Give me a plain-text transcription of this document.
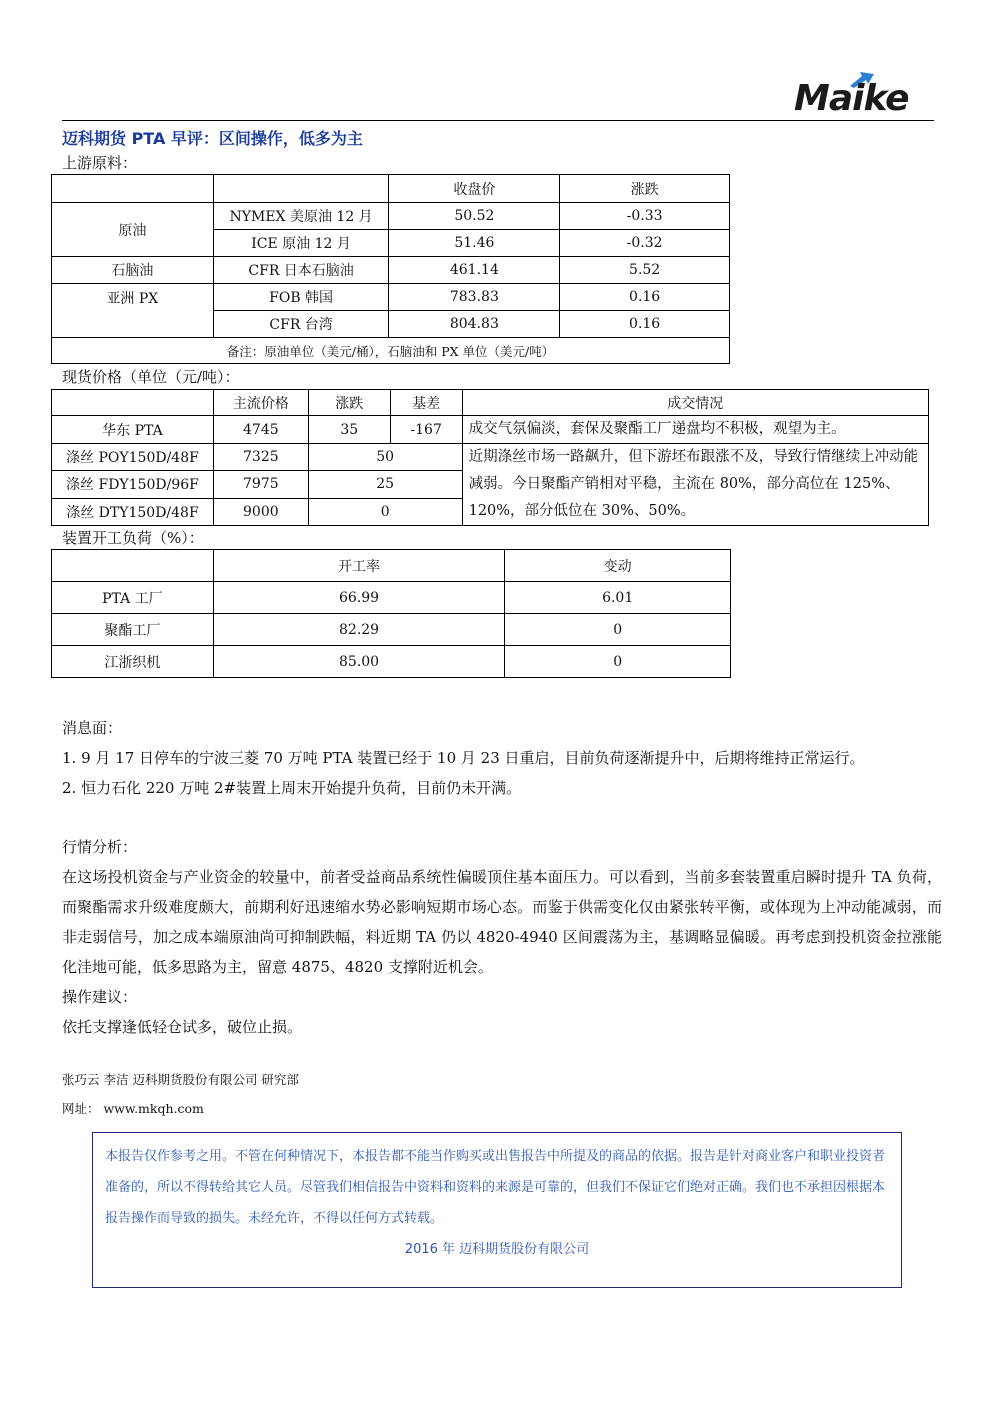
Maike
迈科期货 PTA 早评：区间操作，低多为主
上游原料：
		收盘价	涨跌
原油	NYMEX 美原油 12 月	50.52	-0.33
	ICE 原油 12 月	51.46	-0.32
石脑油	CFR 日本石脑油	461.14	5.52
亚洲 PX	FOB 韩国	783.83	0.16
	CFR 台湾	804.83	0.16
备注：原油单位（美元/桶），石脑油和 PX 单位（美元/吨）			
现货价格（单位（元/吨）：
	主流价格	涨跌	基差	成交情况
华东 PTA	4745	35	-167	成交气氛偏淡，套保及聚酯工厂递盘均不积极，观望为主。
涤丝 POY150D/48F	7325	50		近期涤丝市场一路飙升，但下游坯布跟涨不及，导致行情继续上冲动能减弱。今日聚酯产销相对平稳，主流在 80%，部分高位在 125%、120%，部分低位在 30%、50%。
涤丝 FDY150D/96F	7975	25		
涤丝 DTY150D/48F	9000	0		
装置开工负荷（%）：
	开工率	变动
PTA 工厂	66.99	6.01
聚酯工厂	82.29	0
江浙织机	85.00	0

消息面：

1. 9 月 17 日停车的宁波三菱 70 万吨 PTA 装置已经于 10 月 23 日重启，目前负荷逐渐提升中，后期将维持正常运行。

2. 恒力石化 220 万吨 2#装置上周末开始提升负荷，目前仍未开满。

行情分析：

在这场投机资金与产业资金的较量中，前者受益商品系统性偏暖顶住基本面压力。可以看到，当前多套装置重启瞬时提升 TA 负荷，而聚酯需求升级难度颇大，前期利好迅速缩水势必影响短期市场心态。而鉴于供需变化仅由紧张转平衡，或体现为上冲动能减弱，而非走弱信号，加之成本端原油尚可抑制跌幅，料近期 TA 仍以 4820-4940 区间震荡为主，基调略显偏暖。再考虑到投机资金拉涨能化洼地可能，低多思路为主，留意 4875、4820 支撑附近机会。

操作建议：

依托支撑逢低轻仓试多，破位止损。

张巧云 李洁 迈科期货股份有限公司 研究部
网址： www.mkqh.com
本报告仅作参考之用。不管在何种情况下，本报告都不能当作购买或出售报告中所提及的商品的依据。报告是针对商业客户和职业投资者准备的，所以不得转给其它人员。尽管我们相信报告中资料和资料的来源是可靠的，但我们不保证它们绝对正确。我们也不承担因根据本报告操作而导致的损失。未经允许，不得以任何方式转载。
2016 年 迈科期货股份有限公司
